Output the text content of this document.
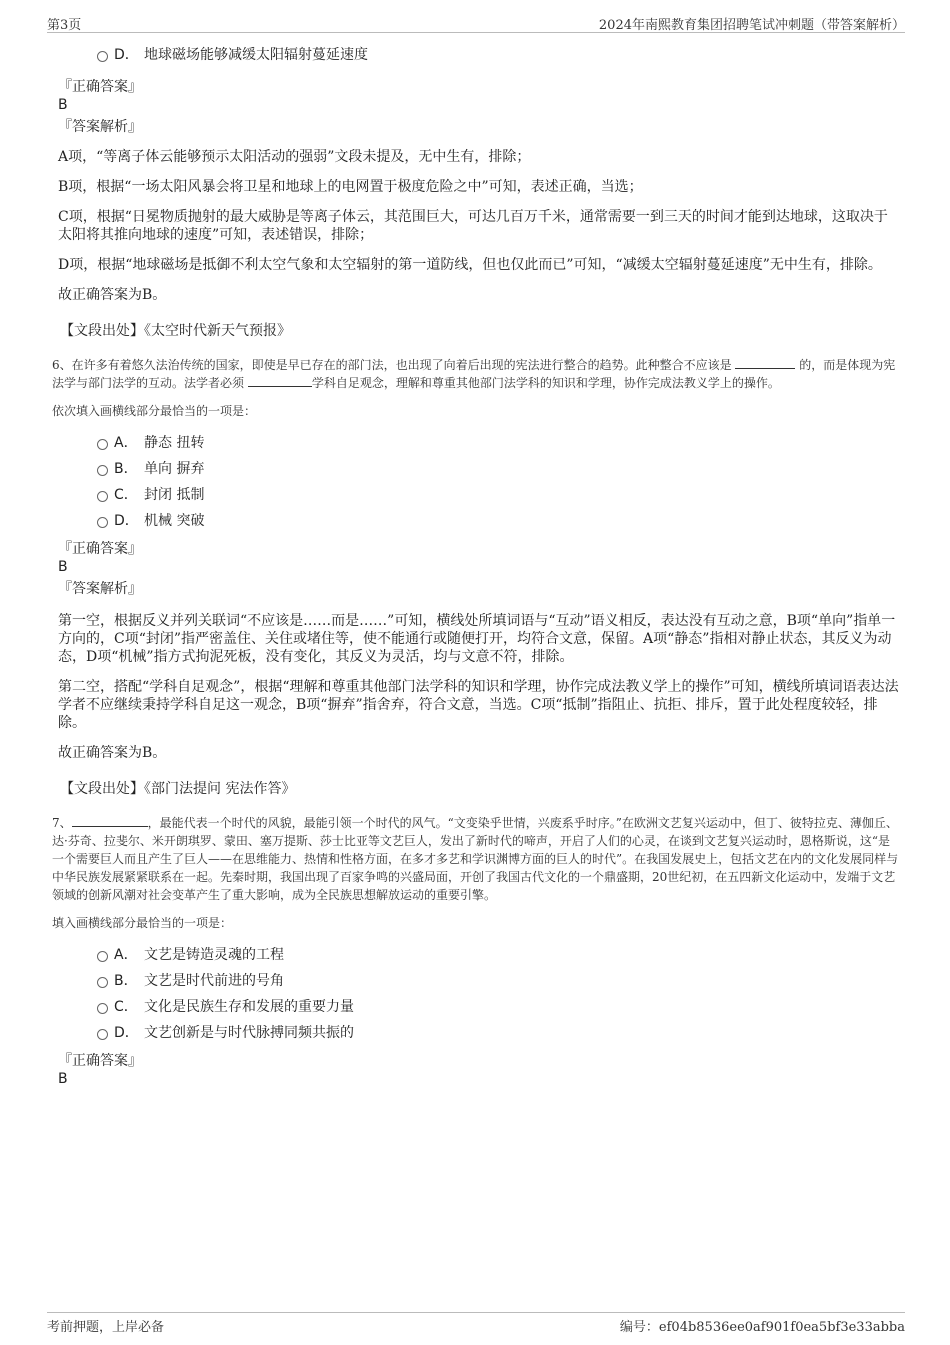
第3页	2024年南熙教育集团招聘笔试冲刺题（带答案解析）
D． 地球磁场能够减缓太阳辐射蔓延速度
『正确答案』
B
『答案解析』
A项，“等离子体云能够预示太阳活动的强弱”文段未提及，无中生有，排除；
B项，根据“一场太阳风暴会将卫星和地球上的电网置于极度危险之中”可知，表述正确，当选；
C项，根据“日冕物质抛射的最大威胁是等离子体云，其范围巨大，可达几百万千米，通常需要一到三天的时间才能到达地球，这取决于太阳将其推向地球的速度”可知，表述错误，排除；
D项，根据“地球磁场是抵御不利太空气象和太空辐射的第一道防线，但也仅此而已”可知，“减缓太空辐射蔓延速度”无中生有，排除。
故正确答案为B。
【文段出处】《太空时代新天气预报》
6、在许多有着悠久法治传统的国家，即使是早已存在的部门法，也出现了向着后出现的宪法进行整合的趋势。此种整合不应该是	的，而是体现为宪法学与部门法学的互动。法学者必须	学科自足观念，理解和尊重其他部门法学科的知识和学理，协作完成法教义学上的操作。
依次填入画横线部分最恰当的一项是：
A． 静态 扭转
B． 单向 摒弃
C． 封闭 抵制
D． 机械 突破
『正确答案』
B
『答案解析』
第一空，根据反义并列关联词“不应该是……而是……”可知，横线处所填词语与“互动”语义相反，表达没有互动之意，B项“单向”指单一方向的，C项“封闭”指严密盖住、关住或堵住等，使不能通行或随便打开，均符合文意，保留。A项“静态”指相对静止状态，其反义为动态，D项“机械”指方式拘泥死板，没有变化，其反义为灵活，均与文意不符，排除。
第二空，搭配“学科自足观念”，根据“理解和尊重其他部门法学科的知识和学理，协作完成法教义学上的操作”可知，横线所填词语表达法学者不应继续秉持学科自足这一观念，B项“摒弃”指舍弃，符合文意，当选。C项“抵制”指阻止、抗拒、排斥，置于此处程度较轻，排除。
故正确答案为B。
【文段出处】《部门法提问 宪法作答》
7、	，最能代表一个时代的风貌，最能引领一个时代的风气。“文变染乎世情，兴废系乎时序。”在欧洲文艺复兴运动中，但丁、彼特拉克、薄伽丘、达·芬奇、拉斐尔、米开朗琪罗、蒙田、塞万提斯、莎士比亚等文艺巨人，发出了新时代的啼声，开启了人们的心灵，在谈到文艺复兴运动时，恩格斯说，这“是一个需要巨人而且产生了巨人——在思维能力、热情和性格方面，在多才多艺和学识渊博方面的巨人的时代”。在我国发展史上，包括文艺在内的文化发展同样与中华民族发展紧紧联系在一起。先秦时期，我国出现了百家争鸣的兴盛局面，开创了我国古代文化的一个鼎盛期，20世纪初，在五四新文化运动中，发端于文艺领域的创新风潮对社会变革产生了重大影响，成为全民族思想解放运动的重要引擎。
填入画横线部分最恰当的一项是：
A． 文艺是铸造灵魂的工程
B． 文艺是时代前进的号角
C． 文化是民族生存和发展的重要力量
D． 文艺创新是与时代脉搏同频共振的
『正确答案』
B
考前押题，上岸必备	编号：ef04b8536ee0af901f0ea5bf3e33abba
